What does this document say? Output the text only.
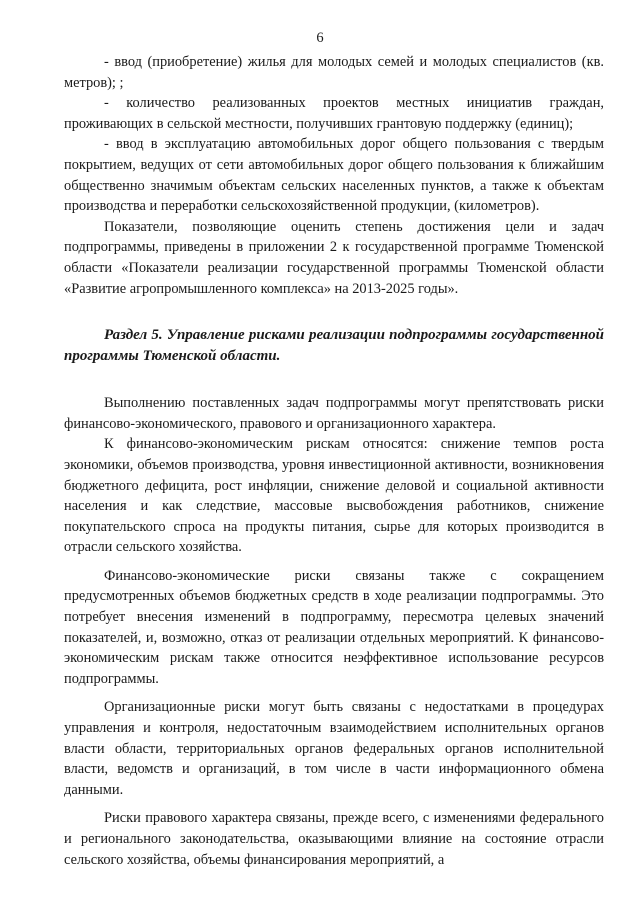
6

- ввод (приобретение) жилья для молодых семей и молодых специалистов (кв. метров); ;

- количество реализованных проектов местных инициатив граждан, проживающих в сельской местности, получивших грантовую поддержку (единиц);

- ввод в эксплуатацию автомобильных дорог общего пользования с твердым покрытием, ведущих от сети автомобильных дорог общего пользования к ближайшим общественно значимым объектам сельских населенных пунктов, а также к объектам производства и переработки сельскохозяйственной продукции, (километров).

Показатели, позволяющие оценить степень достижения цели и задач подпрограммы, приведены в приложении 2 к государственной программе Тюменской области «Показатели реализации государственной программы Тюменской области «Развитие агропромышленного комплекса» на 2013-2025 годы».

Раздел 5. Управление рисками реализации подпрограммы государственной программы Тюменской области.

Выполнению поставленных задач подпрограммы могут препятствовать риски финансово-экономического, правового и организационного характера.

К финансово-экономическим рискам относятся: снижение темпов роста экономики, объемов производства, уровня инвестиционной активности, возникновения бюджетного дефицита, рост инфляции, снижение деловой и социальной активности населения и как следствие, массовые высвобождения работников, снижение покупательского спроса на продукты питания, сырье для которых производится в отрасли сельского хозяйства.

Финансово-экономические риски связаны также с сокращением предусмотренных объемов бюджетных средств в ходе реализации подпрограммы. Это потребует внесения изменений в подпрограмму, пересмотра целевых значений показателей, и, возможно, отказ от реализации отдельных мероприятий. К финансово-экономическим рискам также относится неэффективное использование ресурсов подпрограммы.

Организационные риски могут быть связаны с недостатками в процедурах управления и контроля, недостаточным взаимодействием исполнительных органов власти области, территориальных органов федеральных органов исполнительной власти, ведомств и организаций, в том числе в части информационного обмена данными.

Риски правового характера связаны, прежде всего, с изменениями федерального и регионального законодательства, оказывающими влияние на состояние отрасли сельского хозяйства, объемы финансирования мероприятий, а
